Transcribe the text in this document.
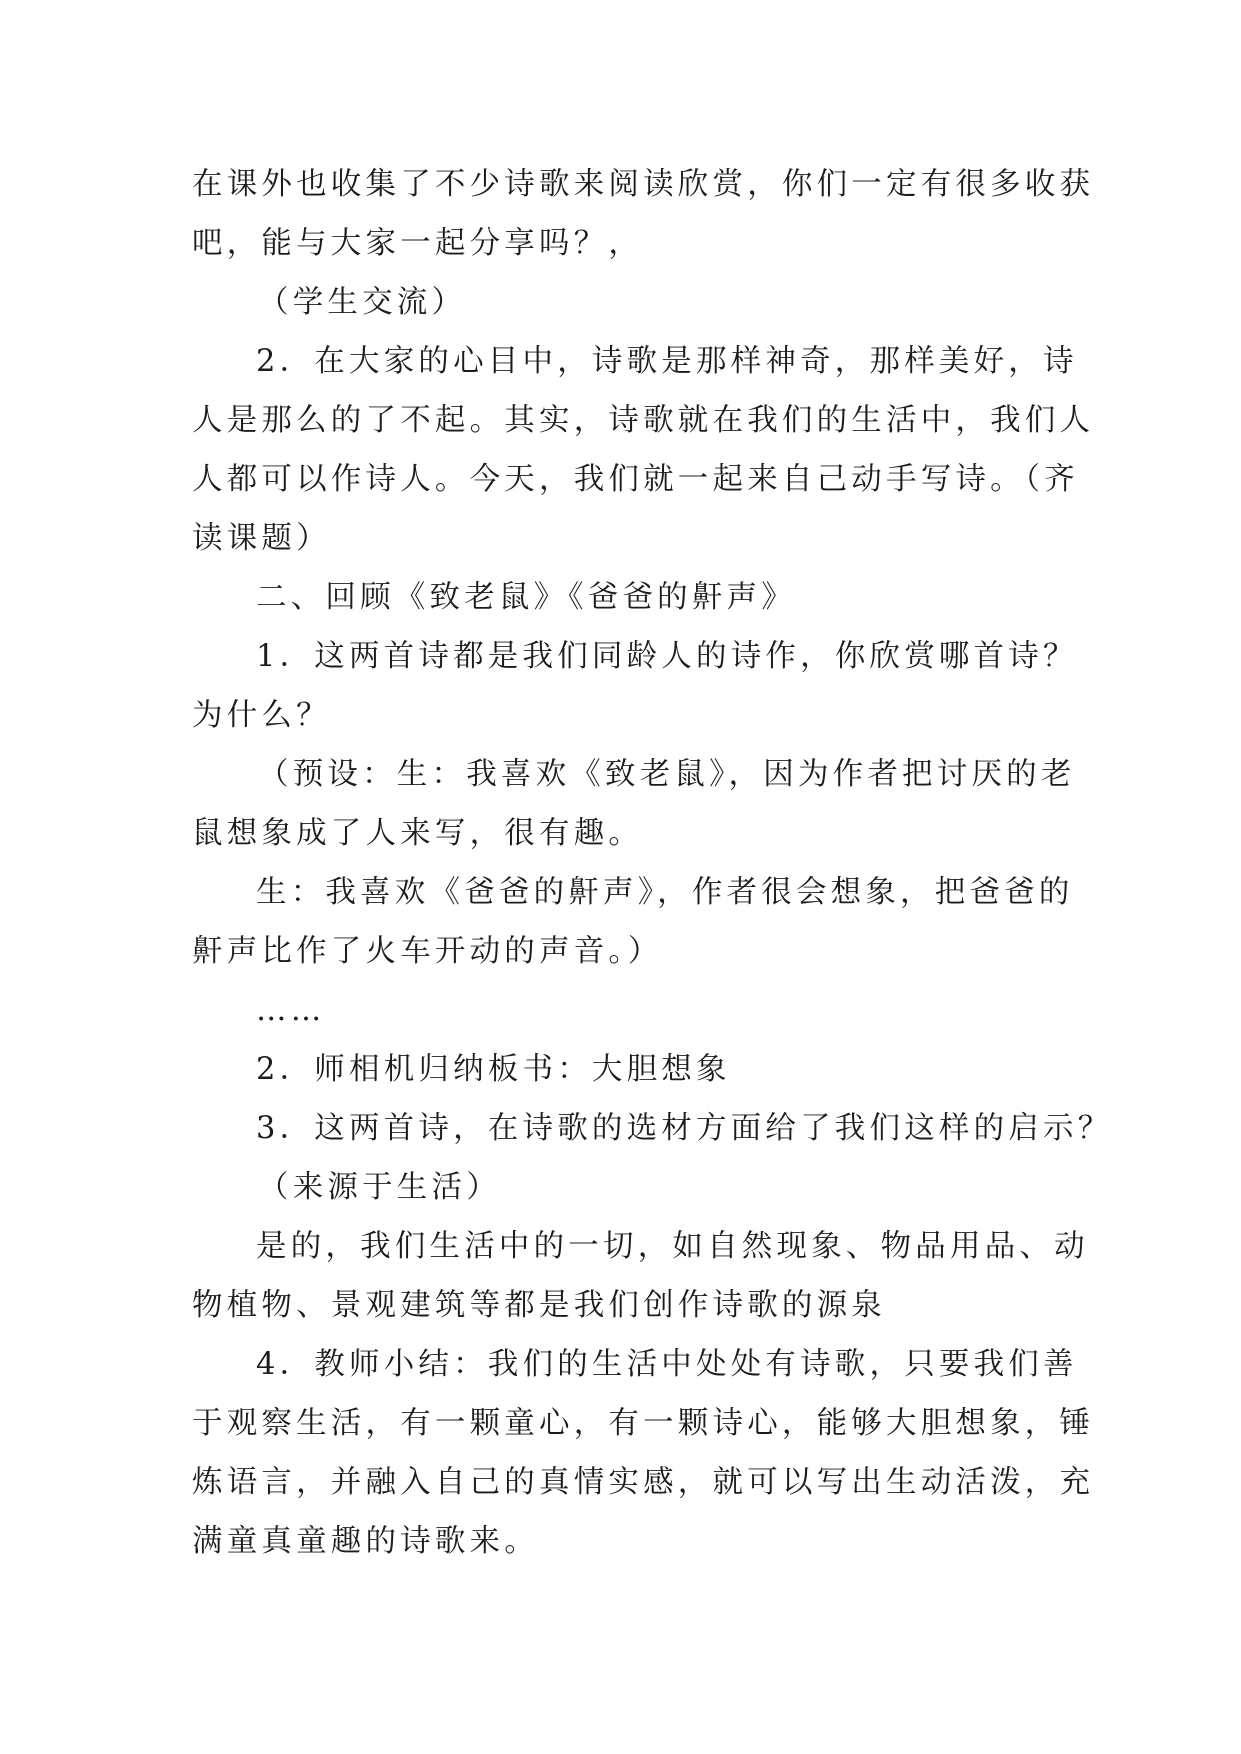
在课外也收集了不少诗歌来阅读欣赏，你们一定有很多收获
吧，能与大家一起分享吗？，
（学生交流）
2．在大家的心目中，诗歌是那样神奇，那样美好，诗
人是那么的了不起。其实，诗歌就在我们的生活中，我们人
人都可以作诗人。今天，我们就一起来自己动手写诗。（齐
读课题）
二、回顾《致老鼠》《爸爸的鼾声》
1．这两首诗都是我们同龄人的诗作，你欣赏哪首诗？
为什么？
（预设：生：我喜欢《致老鼠》，因为作者把讨厌的老
鼠想象成了人来写，很有趣。
生：我喜欢《爸爸的鼾声》，作者很会想象，把爸爸的
鼾声比作了火车开动的声音。）
……
2．师相机归纳板书：大胆想象
3．这两首诗，在诗歌的选材方面给了我们这样的启示？
（来源于生活）
是的，我们生活中的一切，如自然现象、物品用品、动
物植物、景观建筑等都是我们创作诗歌的源泉
4．教师小结：我们的生活中处处有诗歌，只要我们善
于观察生活，有一颗童心，有一颗诗心，能够大胆想象，锤
炼语言，并融入自己的真情实感，就可以写出生动活泼，充
满童真童趣的诗歌来。
